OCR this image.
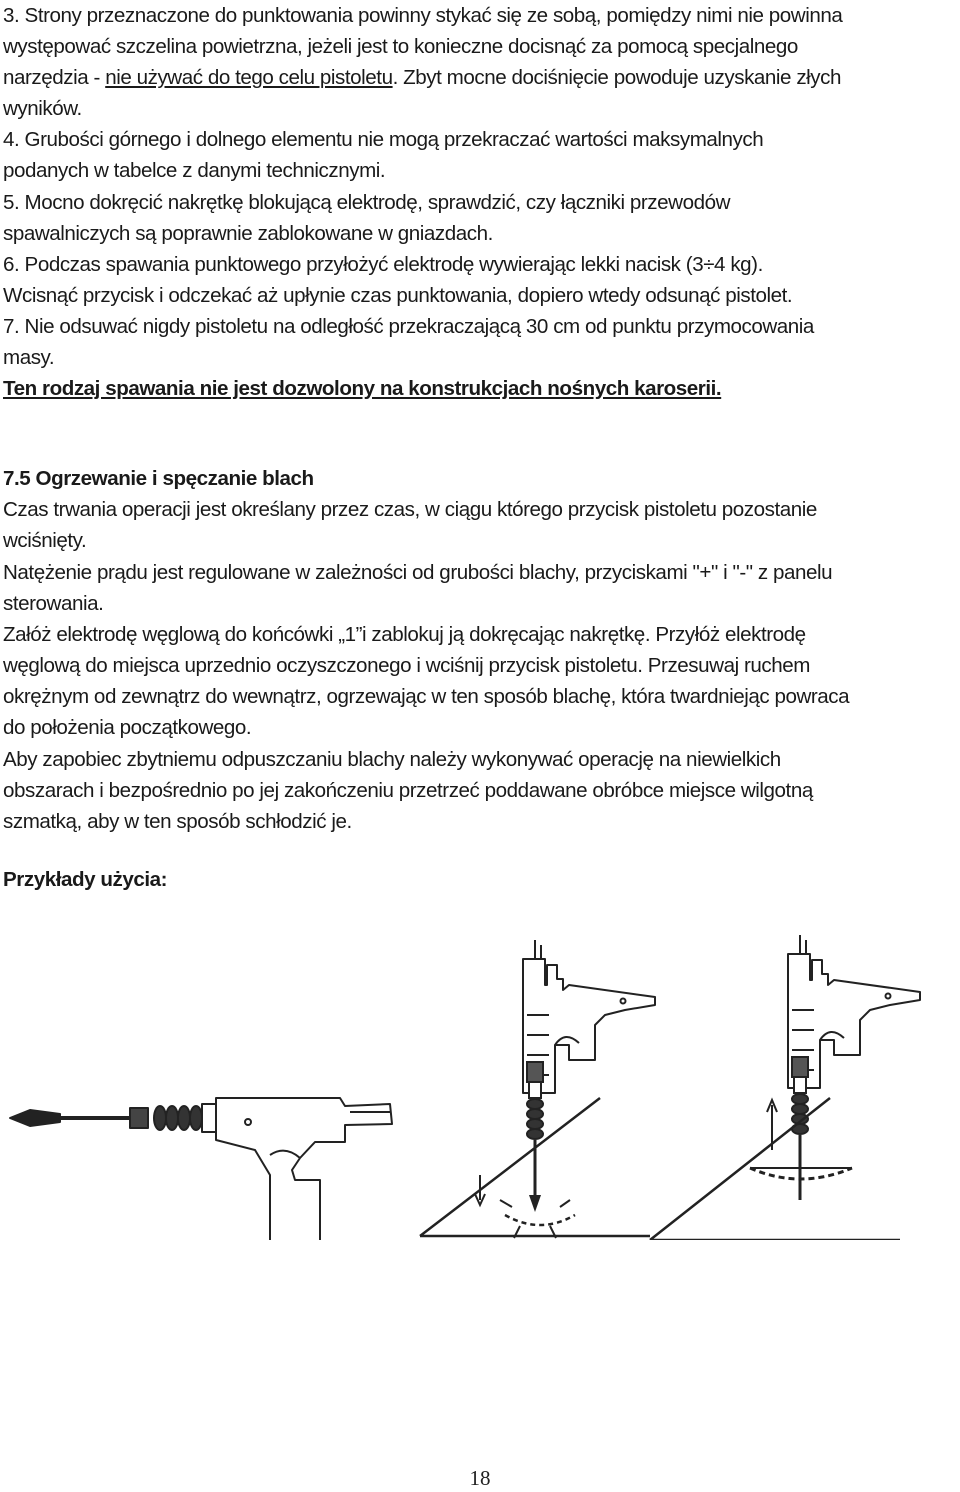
3. Strony przeznaczone do punktowania powinny stykać się ze sobą, pomiędzy nimi nie powinna
występować szczelina powietrzna, jeżeli jest to konieczne docisnąć za pomocą specjalnego
narzędzia - nie używać do tego celu pistoletu. Zbyt mocne dociśnięcie powoduje uzyskanie złych
wyników.
4. Grubości górnego i dolnego elementu nie mogą przekraczać wartości maksymalnych
podanych w tabelce z danymi technicznymi.
5. Mocno dokręcić nakrętkę blokującą elektrodę, sprawdzić, czy łączniki przewodów
spawalniczych są poprawnie zablokowane w gniazdach.
6. Podczas spawania punktowego przyłożyć elektrodę wywierając lekki nacisk (3÷4 kg).
Wcisnąć przycisk i odczekać aż upłynie czas punktowania, dopiero wtedy odsunąć pistolet.
7. Nie odsuwać nigdy pistoletu na odległość przekraczającą 30 cm od punktu przymocowania
masy.
Ten rodzaj spawania nie jest dozwolony na konstrukcjach nośnych karoserii.
7.5 Ogrzewanie i spęczanie blach
Czas trwania operacji jest określany przez czas, w ciągu którego przycisk pistoletu pozostanie
wciśnięty.
Natężenie prądu jest regulowane w zależności od grubości blachy, przyciskami "+" i "-" z panelu
sterowania.
Załóż elektrodę węglową do końcówki „1”i zablokuj ją dokręcając nakrętkę. Przyłóż elektrodę
węglową do miejsca uprzednio oczyszczonego i wciśnij przycisk pistoletu. Przesuwaj ruchem
okrężnym od zewnątrz do wewnątrz, ogrzewając w ten sposób blachę, która twardniejąc powraca
do położenia początkowego.
Aby zapobiec zbytniemu odpuszczaniu blachy należy wykonywać operację na niewielkich
obszarach i bezpośrednio po jej zakończeniu przetrzeć poddawane obróbce miejsce wilgotną
szmatką, aby w ten sposób schłodzić je.
Przykłady użycia:
18
